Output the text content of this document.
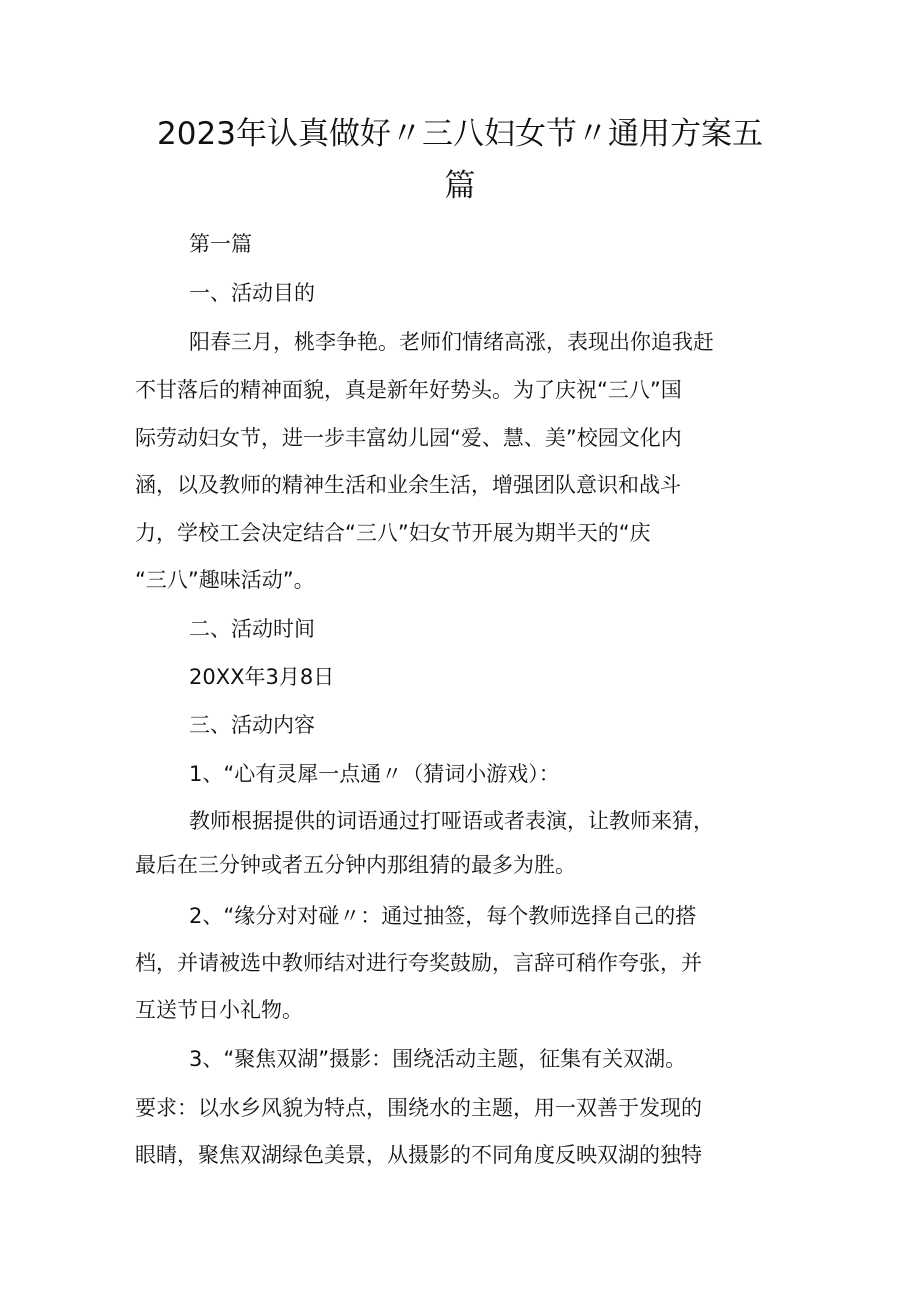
2023年认真做好〃三八妇女节〃通用方案五
篇

第一篇

一、活动目的

阳春三月，桃李争艳。老师们情绪高涨，表现出你追我赶

不甘落后的精神面貌，真是新年好势头。为了庆祝“三八”国

际劳动妇女节，进一步丰富幼儿园“爱、慧、美”校园文化内

涵，以及教师的精神生活和业余生活，增强团队意识和战斗

力，学校工会决定结合“三八”妇女节开展为期半天的“庆

“三八”趣味活动”。

二、活动时间

20XX年3月8日

三、活动内容

1、“心有灵犀一点通〃（猜词小游戏）：

教师根据提供的词语通过打哑语或者表演，让教师来猜，

最后在三分钟或者五分钟内那组猜的最多为胜。

2、“缘分对对碰〃：通过抽签，每个教师选择自己的搭

档，并请被选中教师结对进行夸奖鼓励，言辞可稍作夸张，并

互送节日小礼物。

3、“聚焦双湖”摄影：围绕活动主题，征集有关双湖。

要求：以水乡风貌为特点，围绕水的主题，用一双善于发现的

眼睛，聚焦双湖绿色美景，从摄影的不同角度反映双湖的独特
